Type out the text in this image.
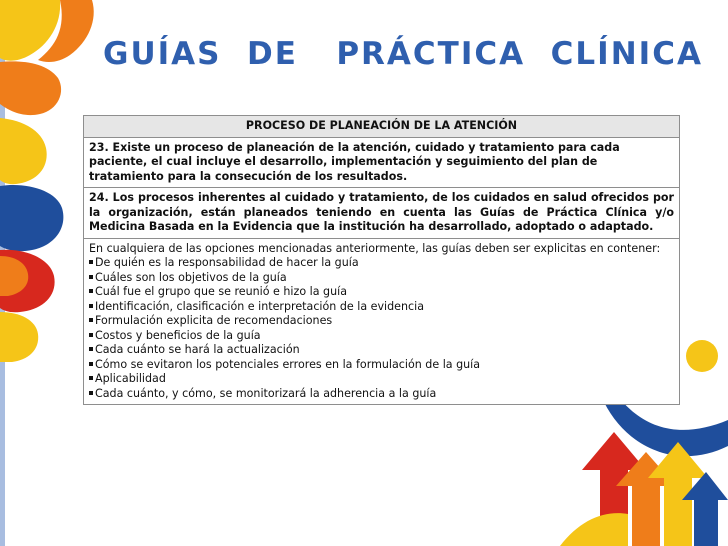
GUÍAS  DE   PRÁCTICA  CLÍNICA
PROCESO DE PLANEACIÓN DE LA ATENCIÓN
23. Existe un proceso de planeación de la atención, cuidado y tratamiento para cada paciente, el cual incluye el desarrollo, implementación y seguimiento del plan de tratamiento para la consecución de los resultados.
24. Los procesos inherentes al cuidado y tratamiento, de los cuidados en salud ofrecidos por la organización, están planeados teniendo en cuenta las Guías de Práctica Clínica y/o Medicina Basada en la Evidencia que la institución ha desarrollado, adoptado o adaptado.

En cualquiera de las opciones mencionadas anteriormente, las guías deben ser explicitas en contener:
De quién es la responsabilidad de hacer la guía
Cuáles son los objetivos de la guía
Cuál fue el grupo que se reunió e hizo la guía
Identificación, clasificación e interpretación de la evidencia
Formulación explicita de recomendaciones
Costos y beneficios de la guía
Cada cuánto se hará la actualización
Cómo se evitaron los potenciales errores en la formulación de la guía
Aplicabilidad
Cada cuánto, y cómo, se monitorizará la adherencia a la guía
